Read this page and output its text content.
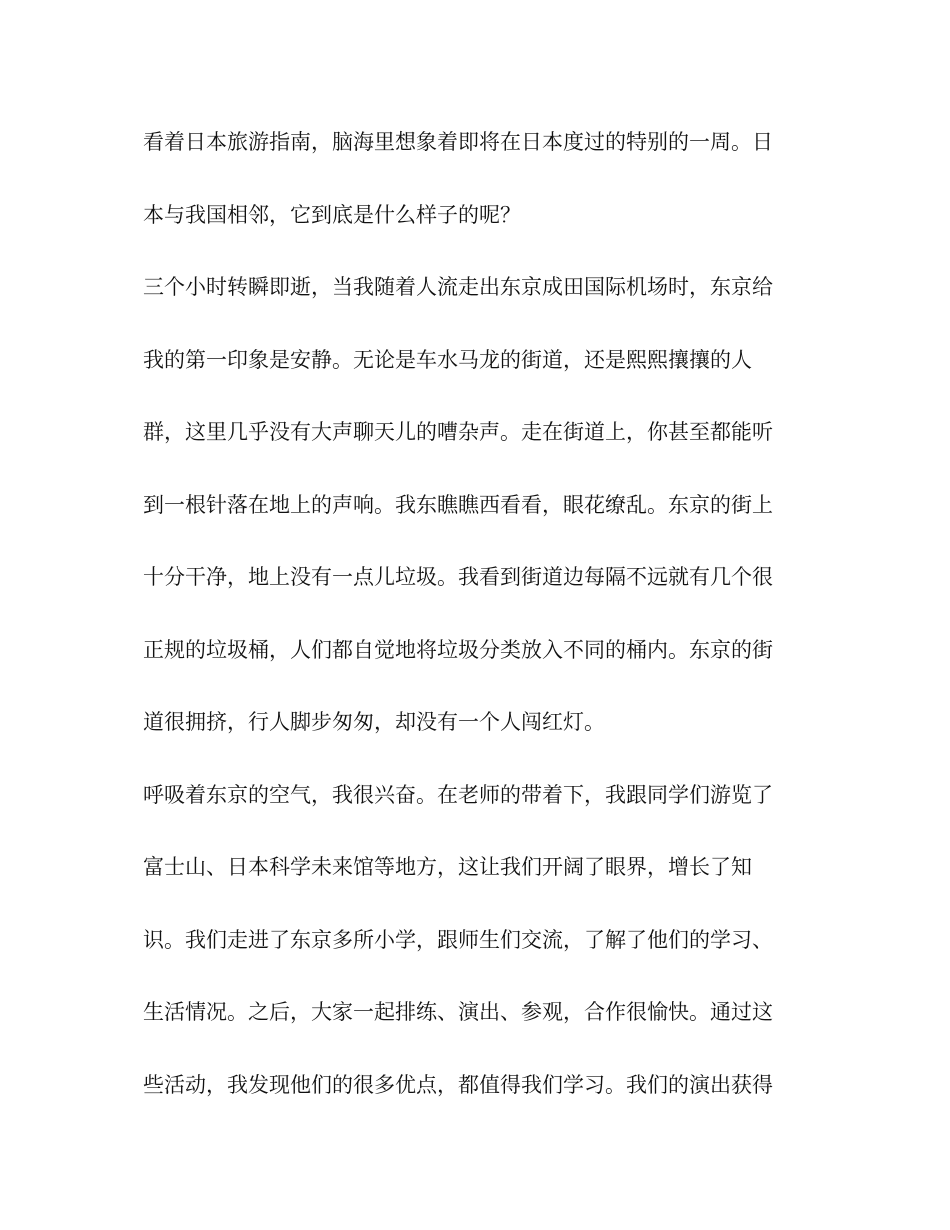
看着日本旅游指南，脑海里想象着即将在日本度过的特别的一周。日
本与我国相邻，它到底是什么样子的呢？
三个小时转瞬即逝，当我随着人流走出东京成田国际机场时，东京给
我的第一印象是安静。无论是车水马龙的街道，还是熙熙攘攘的人
群，这里几乎没有大声聊天儿的嘈杂声。走在街道上，你甚至都能听
到一根针落在地上的声响。我东瞧瞧西看看，眼花缭乱。东京的街上
十分干净，地上没有一点儿垃圾。我看到街道边每隔不远就有几个很
正规的垃圾桶，人们都自觉地将垃圾分类放入不同的桶内。东京的街
道很拥挤，行人脚步匆匆，却没有一个人闯红灯。
呼吸着东京的空气，我很兴奋。在老师的带着下，我跟同学们游览了
富士山、日本科学未来馆等地方，这让我们开阔了眼界，增长了知
识。我们走进了东京多所小学，跟师生们交流，了解了他们的学习、
生活情况。之后，大家一起排练、演出、参观，合作很愉快。通过这
些活动，我发现他们的很多优点，都值得我们学习。我们的演出获得
